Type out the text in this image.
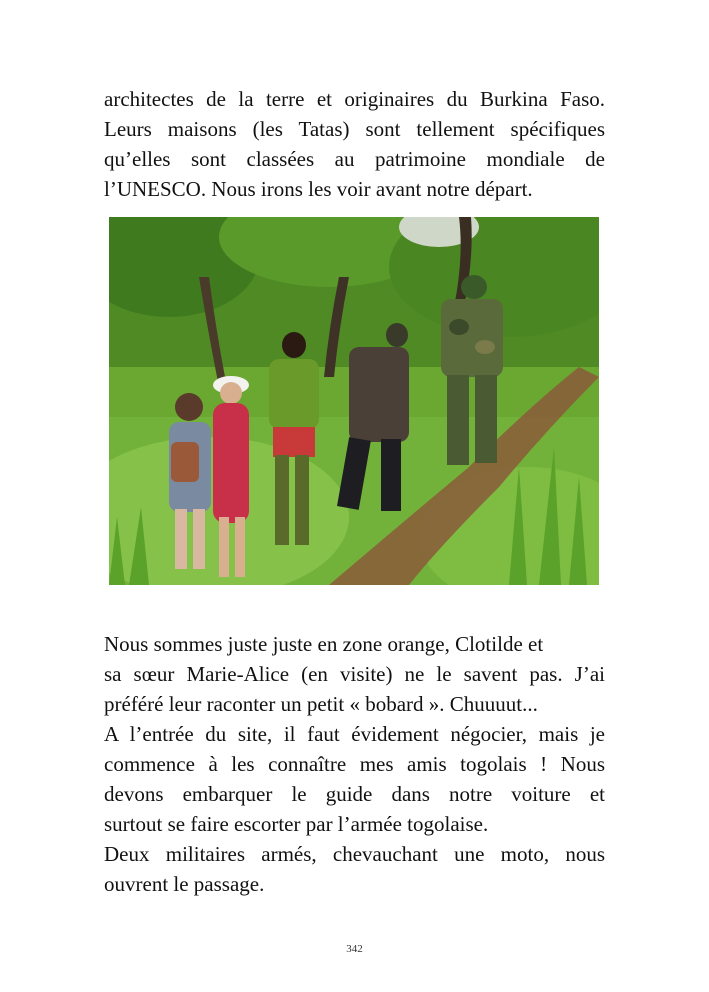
architectes de la terre et originaires du Burkina Faso.
Leurs maisons (les Tatas) sont tellement spécifiques
qu’elles sont classées au patrimoine mondiale de
l’UNESCO. Nous irons les voir avant notre départ.

Nous sommes juste juste en zone orange, Clotilde et
sa sœur Marie-Alice (en visite) ne le savent pas. J’ai
préféré leur raconter un petit « bobard ». Chuuuut...
A l’entrée du site, il faut évidement négocier, mais je
commence à les connaître mes amis togolais ! Nous
devons embarquer le guide dans notre voiture et
surtout se faire escorter par l’armée togolaise.
Deux militaires armés, chevauchant une moto, nous
ouvrent le passage.

342
